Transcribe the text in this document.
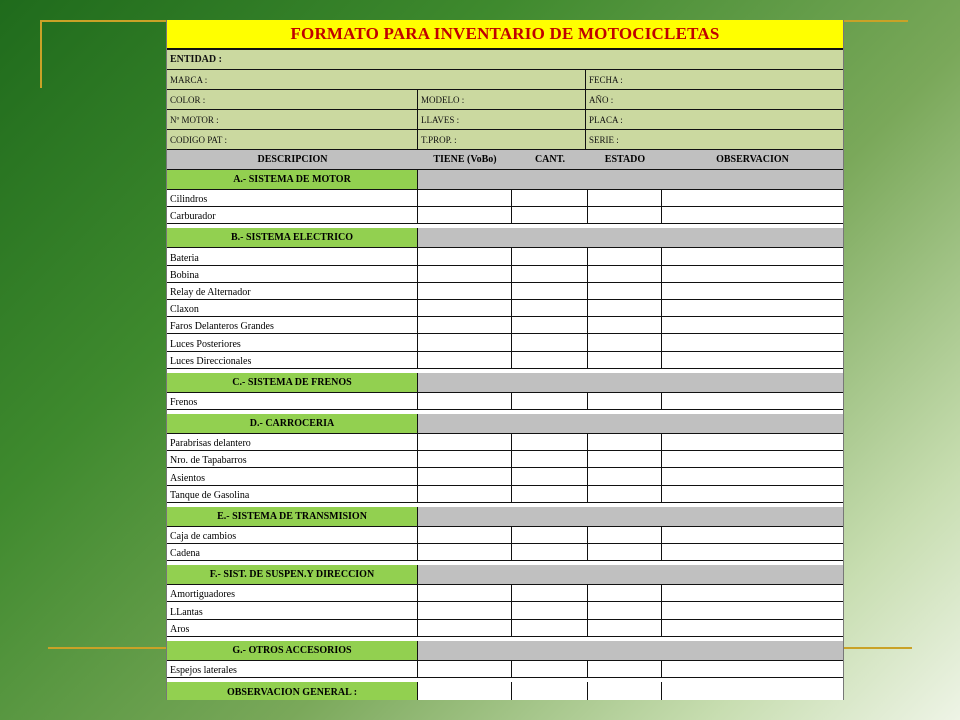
FORMATO PARA INVENTARIO DE MOTOCICLETAS
ENTIDAD :
MARCA :	FECHA :
COLOR :	MODELO :	AÑO :
Nº MOTOR :	LLAVES :	PLACA :
CODIGO PAT :	T.PROP. :	SERIE :
DESCRIPCION	TIENE (VoBo)	CANT.	ESTADO	OBSERVACION
A.- SISTEMA DE MOTOR
Cilindros
Carburador
B.- SISTEMA ELECTRICO
Bateria
Bobina
Relay de Alternador
Claxon
Faros Delanteros Grandes
Luces Posteriores
Luces Direccionales
C.- SISTEMA DE FRENOS
Frenos
D.- CARROCERIA
Parabrisas delantero
Nro. de Tapabarros
Asientos
Tanque de Gasolina
E.- SISTEMA DE TRANSMISION
Caja de cambios
Cadena
F.- SIST. DE SUSPEN.Y DIRECCION
Amortiguadores
LLantas
Aros
G.- OTROS ACCESORIOS
Espejos laterales
OBSERVACION GENERAL :
